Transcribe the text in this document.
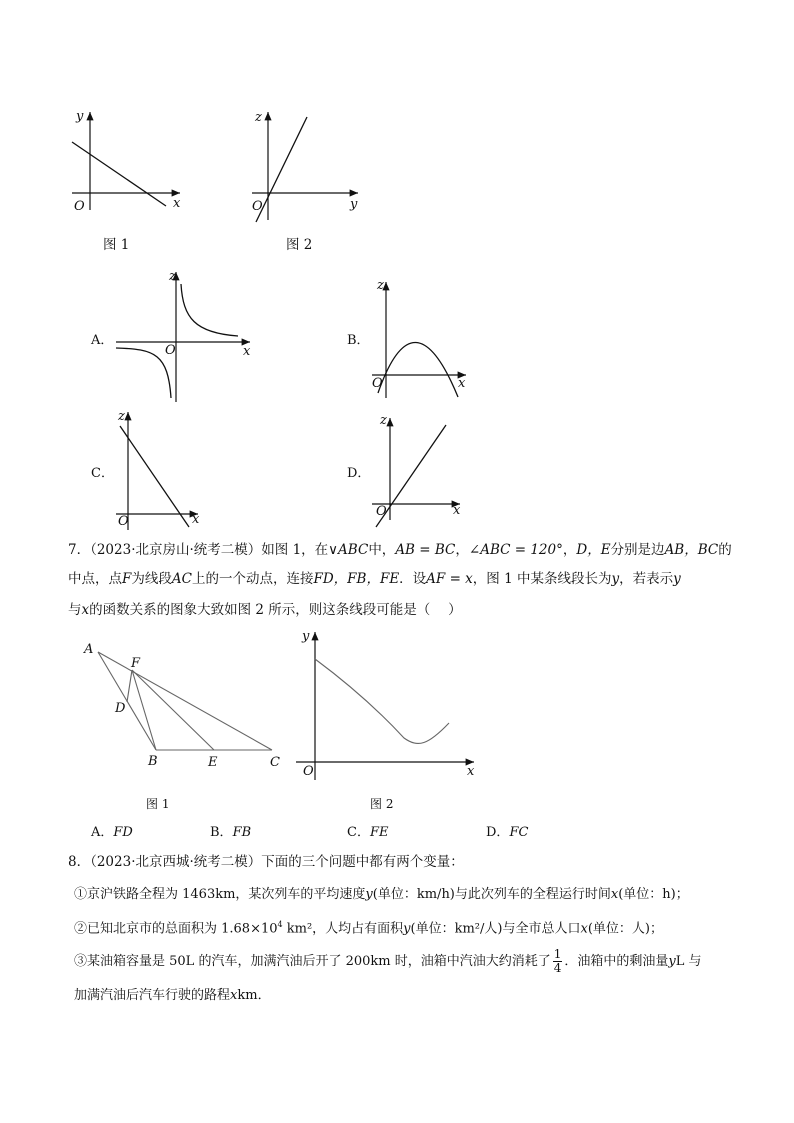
y
x
O
z
y
O
z
x
O
z
x
O
z
x
O
z
x
O
A
F
D
B	E	C
y
x
O
图 1	图 2
A．	B．
C．	D．
7．（2023·北京房山·统考二模）如图 1，在∨ABC中，AB = BC，∠ABC = 120°，D，E分别是边AB，BC的
中点，点F为线段AC上的一个动点，连接FD，FB，FE．设AF = x，图 1 中某条线段长为y，若表示y
与x的函数关系的图象大致如图 2 所示，则这条线段可能是（　 ）
图 1	图 2
A．FD	B．FB	C．FE	D．FC
8．（2023·北京西城·统考二模）下面的三个问题中都有两个变量：
①京沪铁路全程为 1463km，某次列车的平均速度y(单位：km/h)与此次列车的全程运行时间x(单位：h)；
②已知北京市的总面积为 $1.68\times 10^4$ km²，人均占有面积y(单位：km²/人)与全市总人口x(单位：人)；
③某油箱容量是 50L 的汽车，加满汽油后开了 200km 时，油箱中汽油大约消耗了 $\frac{1}{4}$ ．油箱中的剩油量yL 与
加满汽油后汽车行驶的路程xkm．
